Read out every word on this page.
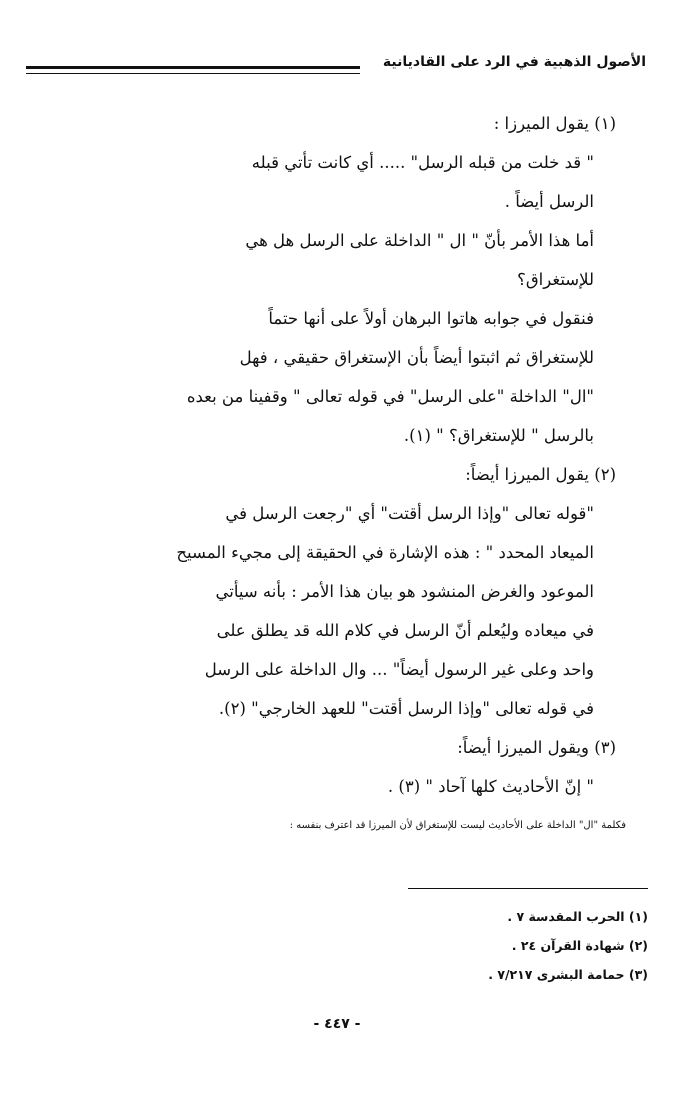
الأصول الذهبية في الرد على القاديانية
(١) يقول الميرزا :
" قد خلت من قبله الرسل" ..... أي كانت تأتي قبله
الرسل أيضاً .
أما هذا الأمر بأنّ " ال " الداخلة على الرسل هل هي
للإستغراق؟
فنقول في جوابه هاتوا البرهان أولاً على أنها حتماً
للإستغراق ثم اثبتوا أيضاً بأن الإستغراق حقيقي ، فهل
"ال" الداخلة "على الرسل" في قوله تعالى " وقفينا من بعده
بالرسل " للإستغراق؟ " (١).
(٢) يقول الميرزا أيضاً:
"قوله تعالى "وإذا الرسل أقتت" أي "رجعت الرسل في
الميعاد المحدد " : هذه الإشارة في الحقيقة إلى مجيء المسيح
الموعود والغرض المنشود هو بيان هذا الأمر : بأنه سيأتي
في ميعاده وليُعلم أنّ الرسل في كلام الله قد يطلق على
واحد وعلى غير الرسول أيضاً" ... وال الداخلة على الرسل
في قوله تعالى "وإذا الرسل أقتت" للعهد الخارجي" (٢).
(٣) ويقول الميرزا أيضاً:
" إنّ الأحاديث كلها آحاد " (٣) .
فكلمة "ال" الداخلة على الأحاديث ليست للإستغراق لأن الميرزا قد اعترف بنفسه :
(١) الحرب المقدسة ٧ .
(٢) شهادة القرآن ٢٤ .
(٣) حمامة البشرى ٧/٢١٧ .
- ٤٤٧ -
